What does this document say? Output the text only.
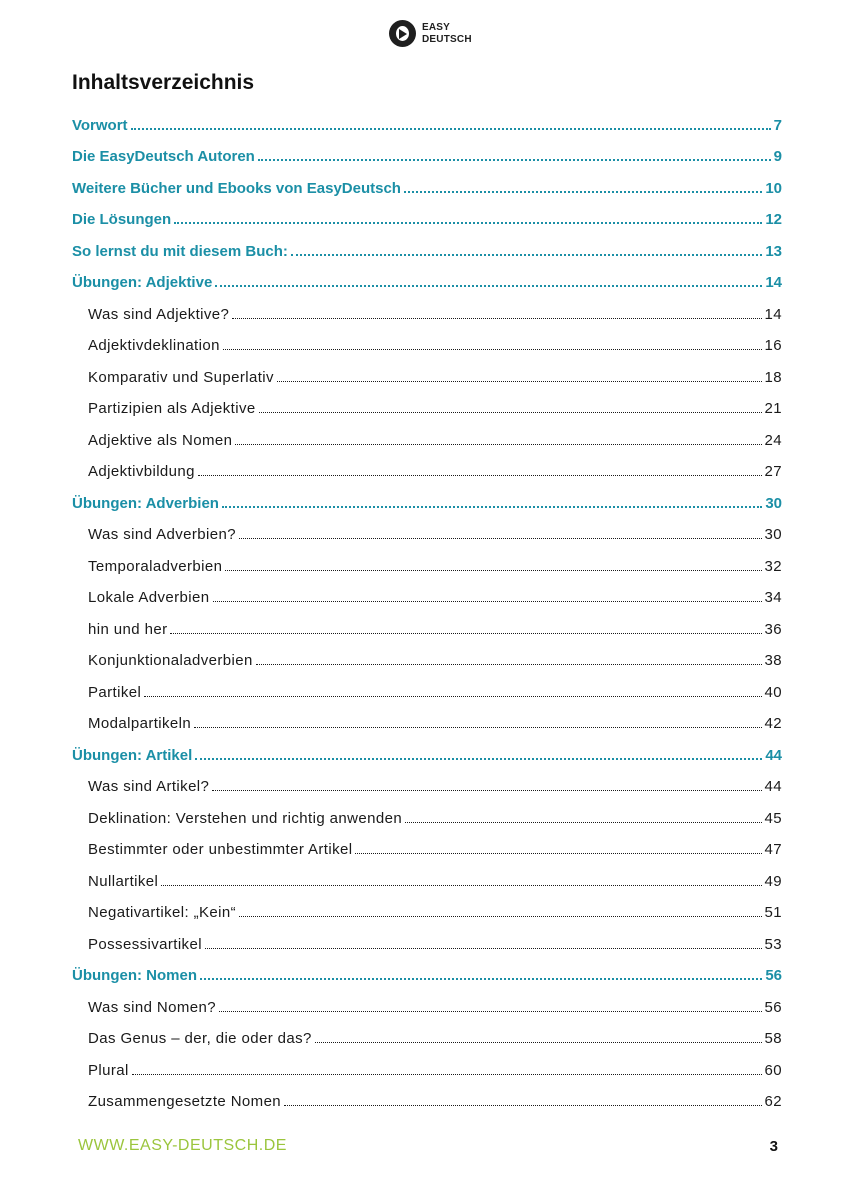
EASY
DEUTSCH
Inhaltsverzeichnis
Vorwort	7
Die EasyDeutsch Autoren	9
Weitere Bücher und Ebooks von EasyDeutsch	10
Die Lösungen	12
So lernst du mit diesem Buch:	13
Übungen: Adjektive	14
Was sind Adjektive?	14
Adjektivdeklination	16
Komparativ und Superlativ	18
Partizipien als Adjektive	21
Adjektive als Nomen	24
Adjektivbildung	27
Übungen: Adverbien	30
Was sind Adverbien?	30
Temporaladverbien	32
Lokale Adverbien	34
hin und her	36
Konjunktionaladverbien	38
Partikel	40
Modalpartikeln	42
Übungen: Artikel	44
Was sind Artikel?	44
Deklination: Verstehen und richtig anwenden	45
Bestimmter oder unbestimmter Artikel	47
Nullartikel	49
Negativartikel: „Kein“	51
Possessivartikel	53
Übungen: Nomen	56
Was sind Nomen?	56
Das Genus – der, die oder das?	58
Plural	60
Zusammengesetzte Nomen	62
WWW.EASY-DEUTSCH.DE	3
